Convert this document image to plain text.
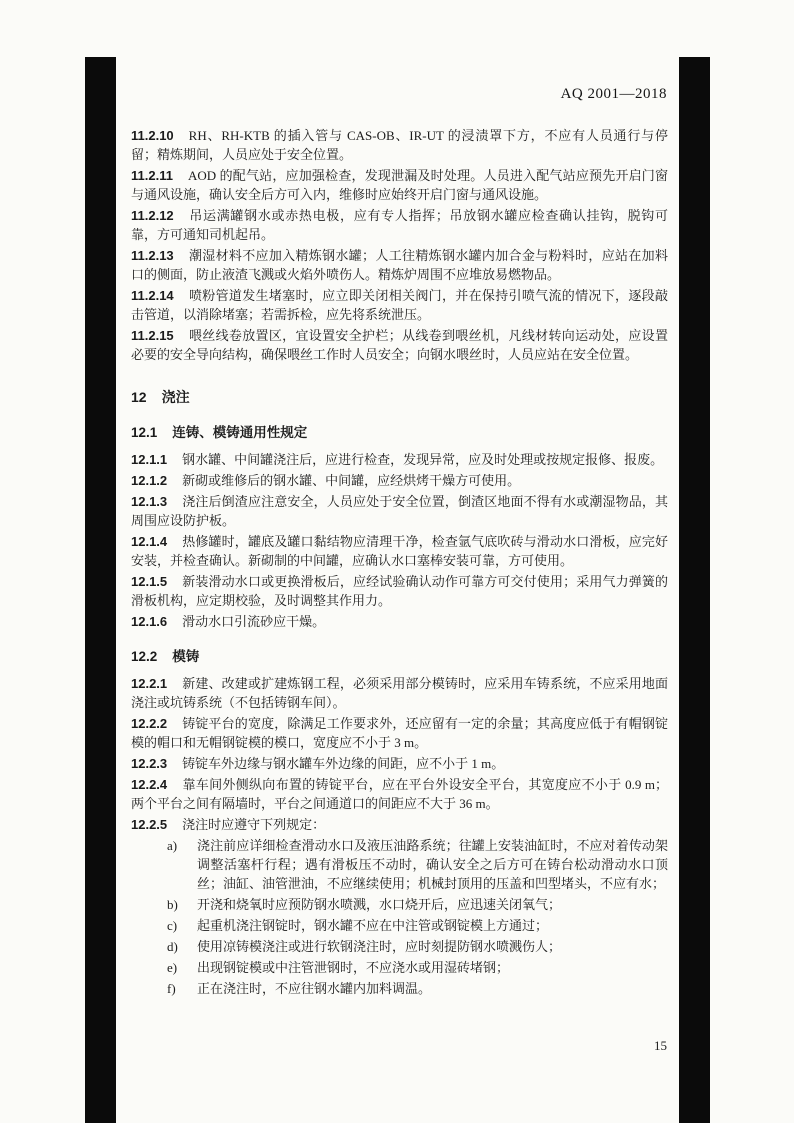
AQ 2001—2018

11.2.10 RH、RH-KTB 的插入管与 CAS-OB、IR-UT 的浸渍罩下方，不应有人员通行与停留；精炼期间，人员应处于安全位置。

11.2.11 AOD 的配气站，应加强检查，发现泄漏及时处理。人员进入配气站应预先开启门窗与通风设施，确认安全后方可入内，维修时应始终开启门窗与通风设施。

11.2.12 吊运满罐钢水或赤热电极，应有专人指挥；吊放钢水罐应检查确认挂钩，脱钩可靠，方可通知司机起吊。

11.2.13 潮湿材料不应加入精炼钢水罐；人工往精炼钢水罐内加合金与粉料时，应站在加料口的侧面，防止液渣飞溅或火焰外喷伤人。精炼炉周围不应堆放易燃物品。

11.2.14 喷粉管道发生堵塞时，应立即关闭相关阀门，并在保持引喷气流的情况下，逐段敲击管道，以消除堵塞；若需拆检，应先将系统泄压。

11.2.15 喂丝线卷放置区，宜设置安全护栏；从线卷到喂丝机，凡线材转向运动处，应设置必要的安全导向结构，确保喂丝工作时人员安全；向钢水喂丝时，人员应站在安全位置。

12 浇注
12.1 连铸、模铸通用性规定

12.1.1 钢水罐、中间罐浇注后，应进行检查，发现异常，应及时处理或按规定报修、报废。

12.1.2 新砌或维修后的钢水罐、中间罐，应经烘烤干燥方可使用。

12.1.3 浇注后倒渣应注意安全，人员应处于安全位置，倒渣区地面不得有水或潮湿物品，其周围应设防护板。

12.1.4 热修罐时，罐底及罐口黏结物应清理干净，检查氩气底吹砖与滑动水口滑板，应完好安装，并检查确认。新砌制的中间罐，应确认水口塞棒安装可靠，方可使用。

12.1.5 新装滑动水口或更换滑板后，应经试验确认动作可靠方可交付使用；采用气力弹簧的滑板机构，应定期校验，及时调整其作用力。

12.1.6 滑动水口引流砂应干燥。

12.2 模铸

12.2.1 新建、改建或扩建炼钢工程，必须采用部分模铸时，应采用车铸系统，不应采用地面浇注或坑铸系统（不包括铸钢车间）。

12.2.2 铸锭平台的宽度，除满足工作要求外，还应留有一定的余量；其高度应低于有帽钢锭模的帽口和无帽钢锭模的模口，宽度应不小于 3 m。

12.2.3 铸锭车外边缘与钢水罐车外边缘的间距，应不小于 1 m。

12.2.4 靠车间外侧纵向布置的铸锭平台，应在平台外设安全平台，其宽度应不小于 0.9 m；两个平台之间有隔墙时，平台之间通道口的间距应不大于 36 m。

12.2.5 浇注时应遵守下列规定：

a)	浇注前应详细检查滑动水口及液压油路系统；往罐上安装油缸时，不应对着传动架调整活塞杆行程；遇有滑板压不动时，确认安全之后方可在铸台松动滑动水口顶丝；油缸、油管泄油，不应继续使用；机械封顶用的压盖和凹型堵头，不应有水；
b)	开浇和烧氧时应预防钢水喷溅，水口烧开后，应迅速关闭氧气；
c)	起重机浇注钢锭时，钢水罐不应在中注管或钢锭模上方通过；
d)	使用凉铸模浇注或进行软钢浇注时，应时刻提防钢水喷溅伤人；
e)	出现钢锭模或中注管泄钢时，不应浇水或用湿砖堵钢；
f)	正在浇注时，不应往钢水罐内加料调温。
15
